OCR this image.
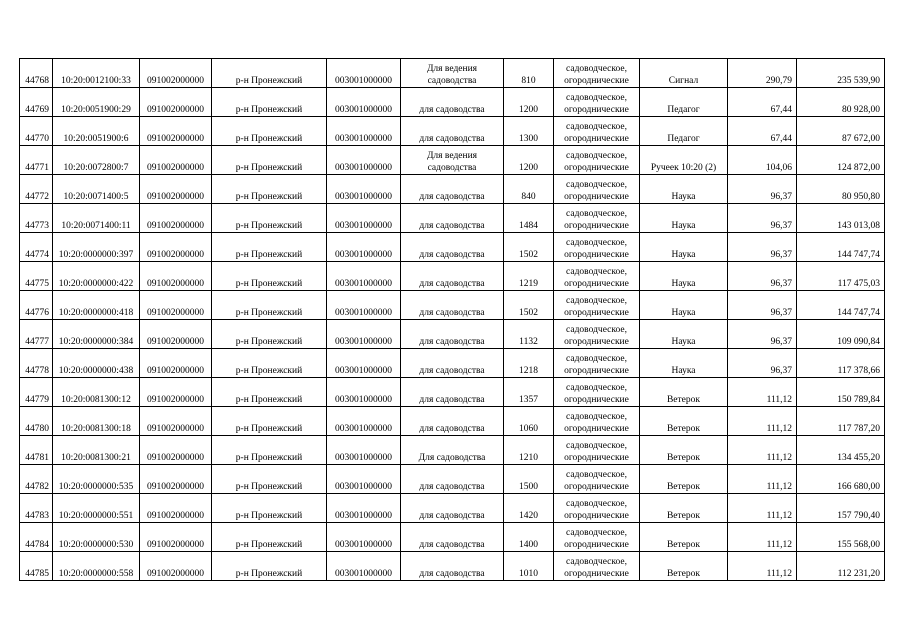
44768	10:20:0012100:33	091002000000	р-н Пронежский	003001000000	Для ведения садоводства	810	садоводческое, огороднические	Сигнал	290,79	235 539,90
44769	10:20:0051900:29	091002000000	р-н Пронежский	003001000000	для садоводства	1200	садоводческое, огороднические	Педагог	67,44	80 928,00
44770	10:20:0051900:6	091002000000	р-н Пронежский	003001000000	для садоводства	1300	садоводческое, огороднические	Педагог	67,44	87 672,00
44771	10:20:0072800:7	091002000000	р-н Пронежский	003001000000	Для ведения садоводства	1200	садоводческое, огороднические	Ручеек 10:20 (2)	104,06	124 872,00
44772	10:20:0071400:5	091002000000	р-н Пронежский	003001000000	для садоводства	840	садоводческое, огороднические	Наука	96,37	80 950,80
44773	10:20:0071400:11	091002000000	р-н Пронежский	003001000000	для садоводства	1484	садоводческое, огороднические	Наука	96,37	143 013,08
44774	10:20:0000000:397	091002000000	р-н Пронежский	003001000000	для садоводства	1502	садоводческое, огороднические	Наука	96,37	144 747,74
44775	10:20:0000000:422	091002000000	р-н Пронежский	003001000000	для садоводства	1219	садоводческое, огороднические	Наука	96,37	117 475,03
44776	10:20:0000000:418	091002000000	р-н Пронежский	003001000000	для садоводства	1502	садоводческое, огороднические	Наука	96,37	144 747,74
44777	10:20:0000000:384	091002000000	р-н Пронежский	003001000000	для садоводства	1132	садоводческое, огороднические	Наука	96,37	109 090,84
44778	10:20:0000000:438	091002000000	р-н Пронежский	003001000000	для садоводства	1218	садоводческое, огороднические	Наука	96,37	117 378,66
44779	10:20:0081300:12	091002000000	р-н Пронежский	003001000000	для садоводства	1357	садоводческое, огороднические	Ветерок	111,12	150 789,84
44780	10:20:0081300:18	091002000000	р-н Пронежский	003001000000	для садоводства	1060	садоводческое, огороднические	Ветерок	111,12	117 787,20
44781	10:20:0081300:21	091002000000	р-н Пронежский	003001000000	Для садоводства	1210	садоводческое, огороднические	Ветерок	111,12	134 455,20
44782	10:20:0000000:535	091002000000	р-н Пронежский	003001000000	для садоводства	1500	садоводческое, огороднические	Ветерок	111,12	166 680,00
44783	10:20:0000000:551	091002000000	р-н Пронежский	003001000000	для садоводства	1420	садоводческое, огороднические	Ветерок	111,12	157 790,40
44784	10:20:0000000:530	091002000000	р-н Пронежский	003001000000	для садоводства	1400	садоводческое, огороднические	Ветерок	111,12	155 568,00
44785	10:20:0000000:558	091002000000	р-н Пронежский	003001000000	для садоводства	1010	садоводческое, огороднические	Ветерок	111,12	112 231,20
